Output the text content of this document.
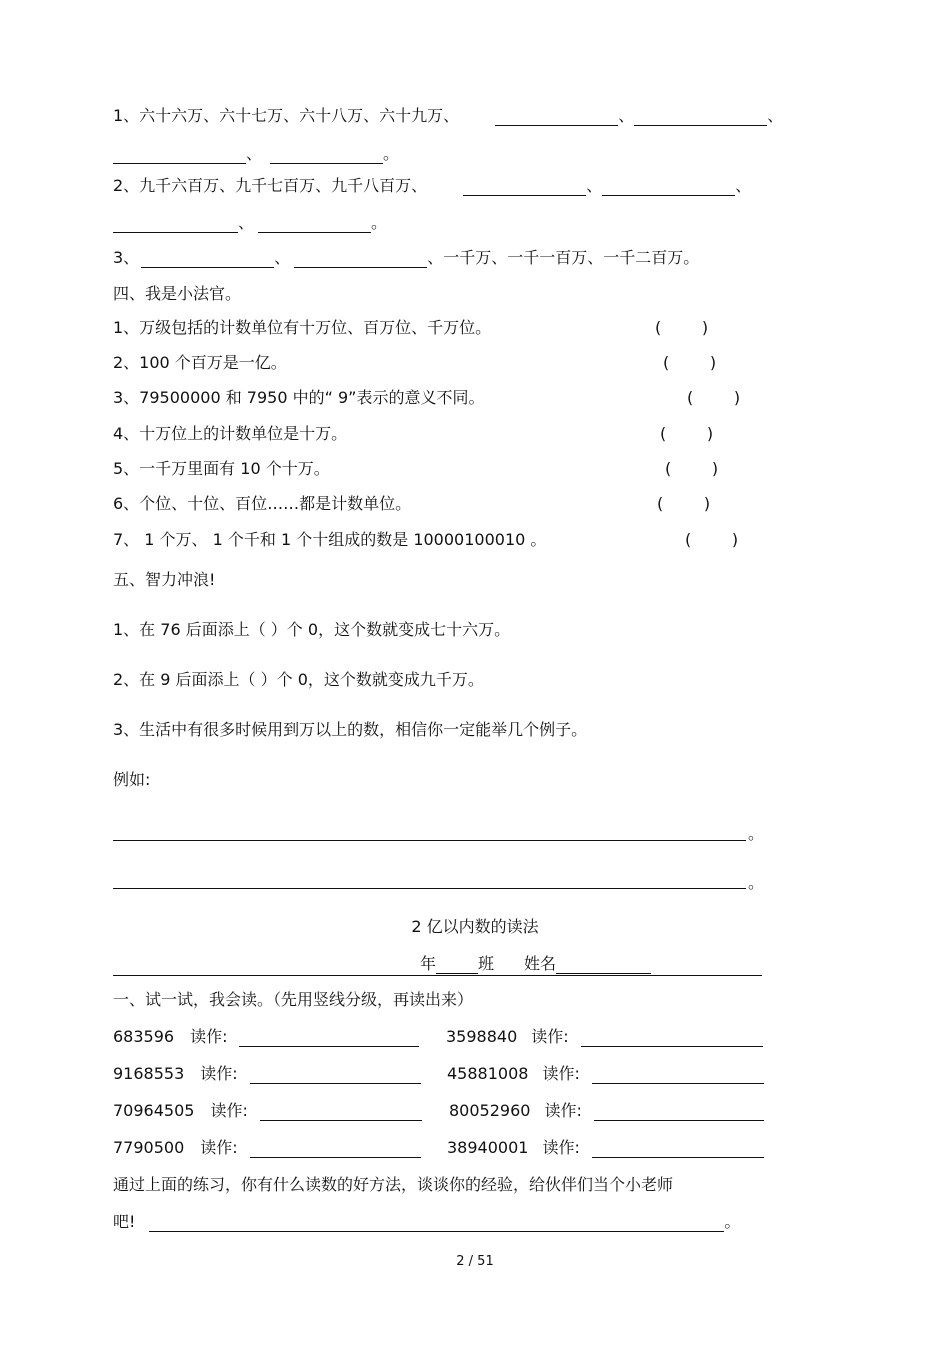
1、六十六万、六十七万、六十八万、六十九万、	、	、
、	。
2、九千六百万、九千七百万、九千八百万、	、	、
、	。
3、	、	、一千万、一千一百万、一千二百万。
四、我是小法官。
1、万级包括的计数单位有十万位、百万位、千万位。	(        )
2、100 个百万是一亿。	(        )
3、79500000 和 7950 中的“ 9”表示的意义不同。	(        )
4、十万位上的计数单位是十万。	(        )
5、一千万里面有 10 个十万。	(        )
6、个位、十位、百位……都是计数单位。	(        )
7、 1 个万、 1 个千和 1 个十组成的数是 10000100010 。	(        )
五、智力冲浪!
1、在 76 后面添上（ ）个 0，这个数就变成七十六万。
2、在 9 后面添上（ ）个 0，这个数就变成九千万。
3、生活中有很多时候用到万以上的数，相信你一定能举几个例子。
例如:
。
。
2 亿以内数的读法
年	班 姓名
一、试一试，我会读。（先用竖线分级，再读出来）
683596 读作:	3598840 读作:
9168553 读作:	45881008 读作:
70964505 读作:	80052960 读作:
7790500 读作:	38940001 读作:
通过上面的练习，你有什么读数的好方法，谈谈你的经验，给伙伴们当个小老师
吧!	。
2 / 51
